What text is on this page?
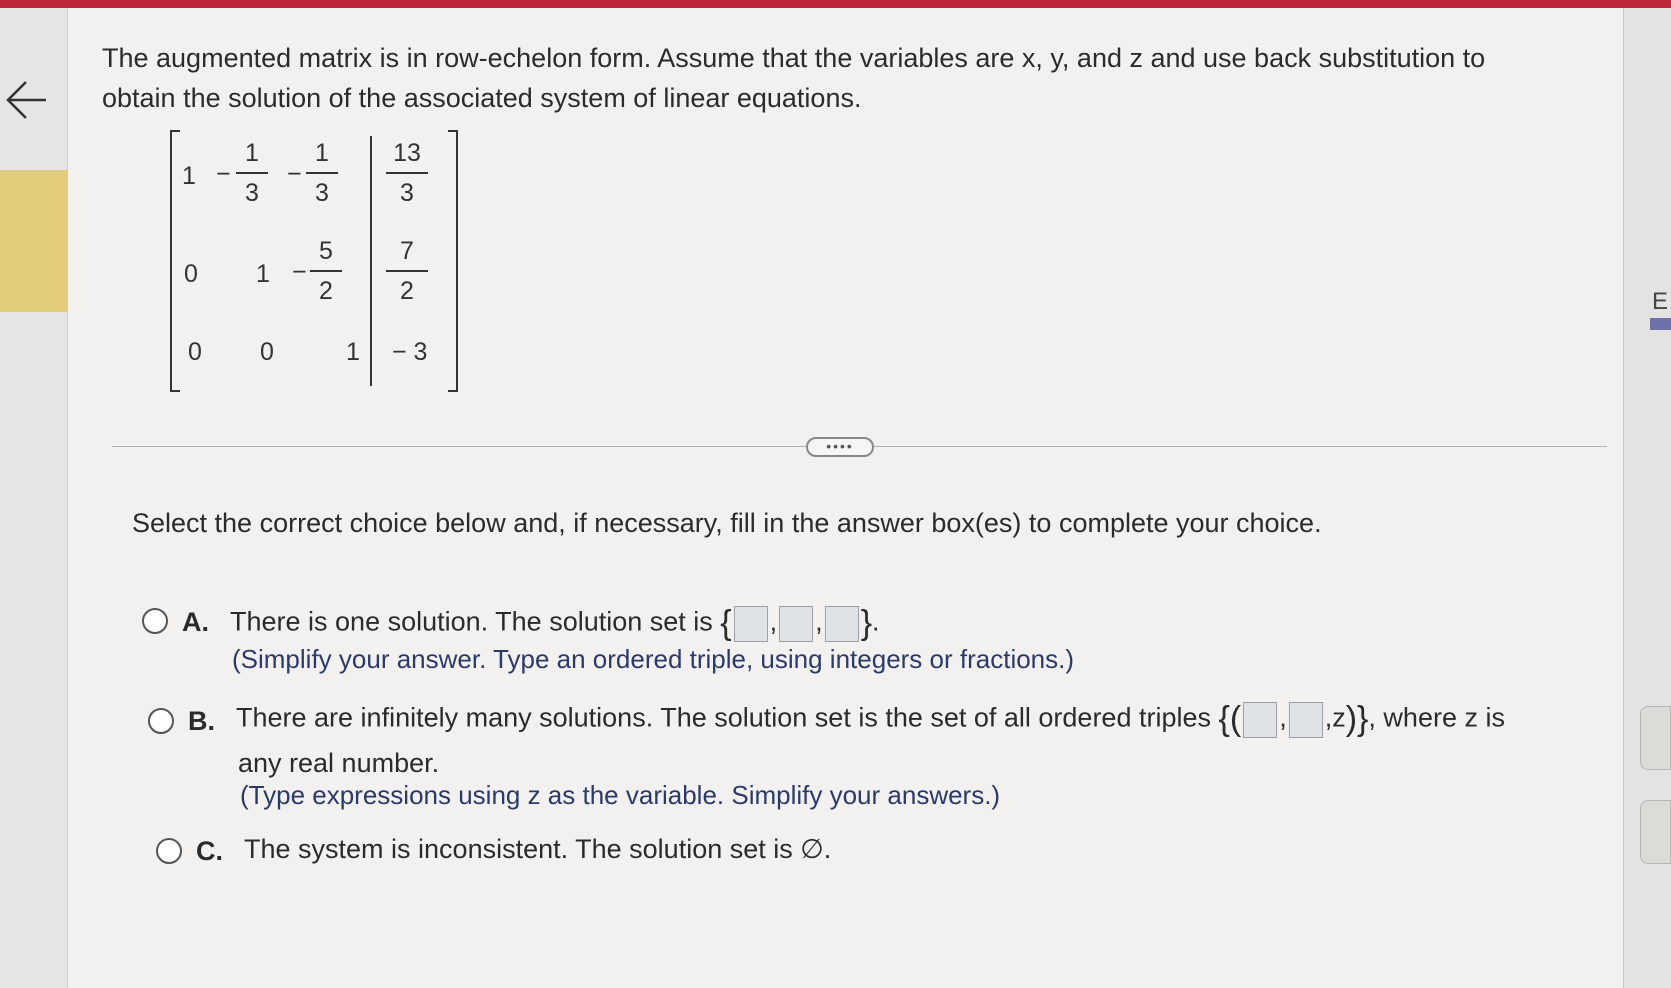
E
The augmented matrix is in row-echelon form. Assume that the variables are x, y, and z and use back substitution to
obtain the solution of the associated system of linear equations.
1 −
1
3
−
1
3
13
3
0 1 −
5
2
7
2
0 0	1 − 3
••••
Select the correct choice below and, if necessary, fill in the answer box(es) to complete your choice.
A. There is one solution. The solution set is { , , }.
(Simplify your answer. Type an ordered triple, using integers or fractions.)
B. There are infinitely many solutions. The solution set is the set of all ordered triples {( , ,z)}, where z is
any real number.
(Type expressions using z as the variable. Simplify your answers.)
C. The system is inconsistent. The solution set is ∅.
